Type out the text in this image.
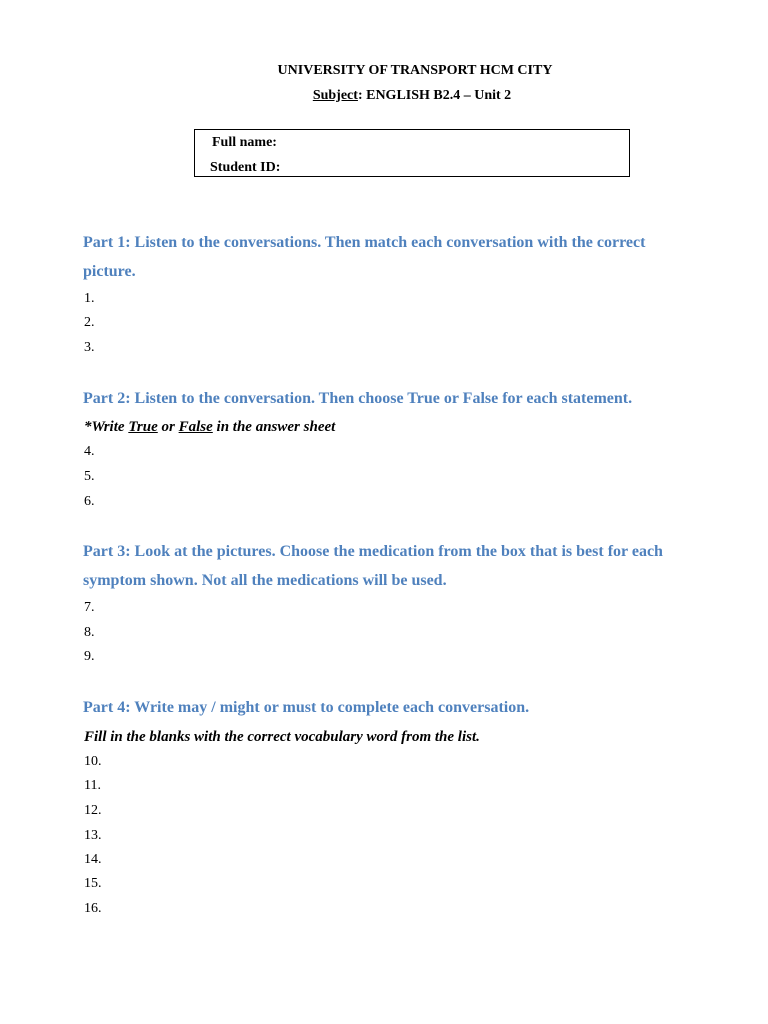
UNIVERSITY OF TRANSPORT HCM CITY
Subject: ENGLISH B2.4 – Unit 2
Full name:
Student ID:
Part 1: Listen to the conversations. Then match each conversation with the correct picture.
1.
2.
3.
Part 2: Listen to the conversation. Then choose True or False for each statement.
*Write True or False in the answer sheet
4.
5.
6.
Part 3: Look at the pictures. Choose the medication from the box that is best for each symptom shown. Not all the medications will be used.
7.
8.
9.
Part 4: Write may / might or must to complete each conversation.
Fill in the blanks with the correct vocabulary word from the list.
10.
11.
12.
13.
14.
15.
16.
